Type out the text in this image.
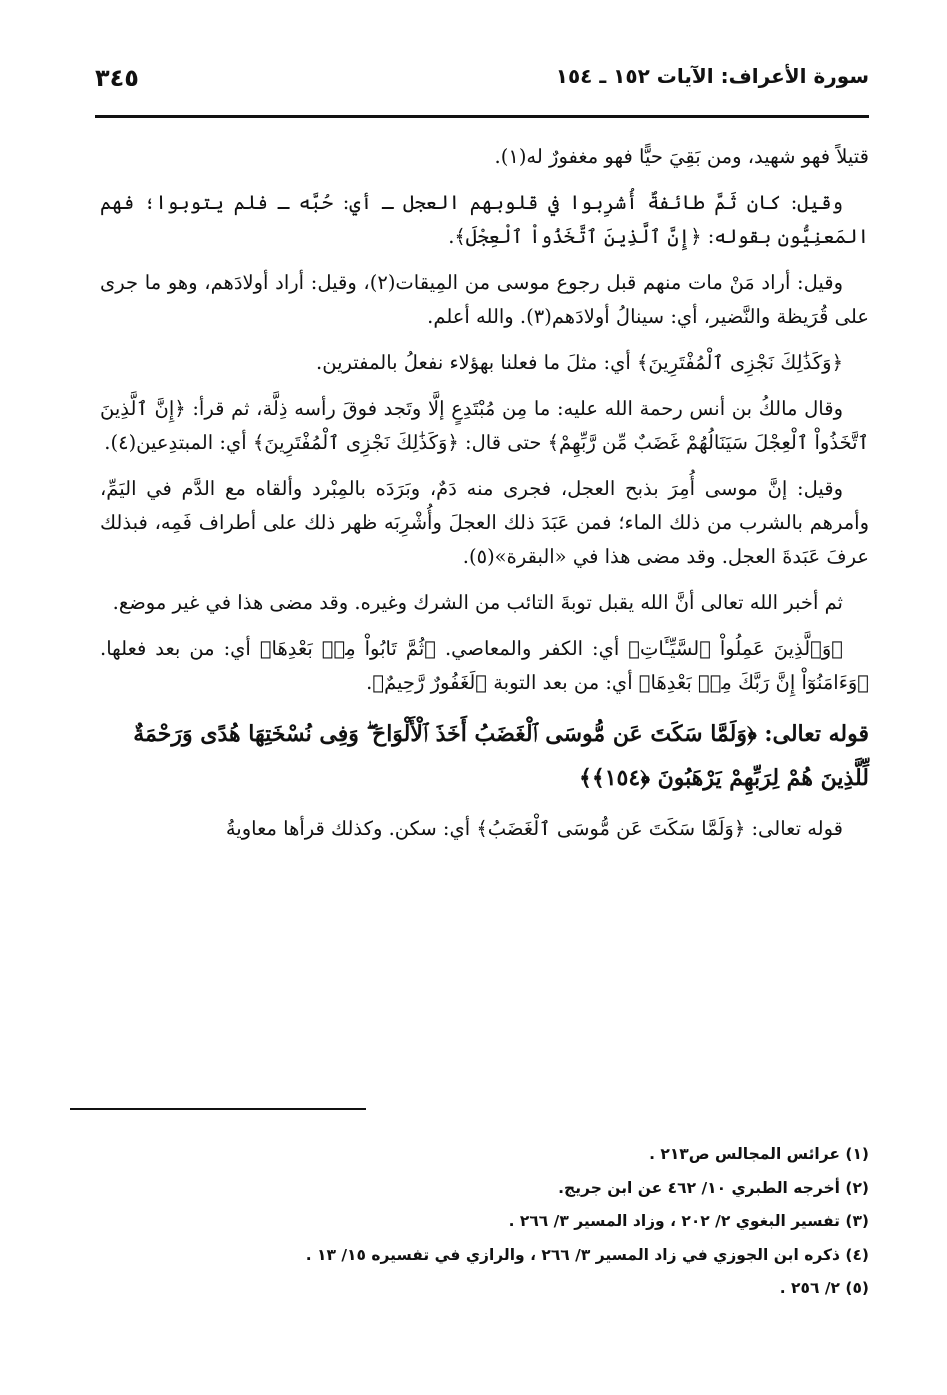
سورة الأعراف: الآيات ١٥٢ ـ ١٥٤
٣٤٥

قتيلاً فهو شهيد، ومن بَقِيَ حيًّا فهو مغفورٌ له(١).

وقيل: كان ثَمَّ طائفةٌ أُشرِبوا في قلوبهم العجل ـ أي: حُبَّه ـ فلم يتوبوا؛ فهم المَعنِيُّون بقوله: ﴿إِنَّ ٱلَّذِينَ ٱتَّخَذُواْ ٱلْعِجْلَ﴾.

وقيل: أراد مَنْ مات منهم قبل رجوع موسى من المِيقات(٢)، وقيل: أراد أولادَهم، وهو ما جرى على قُرَيظة والنَّضير، أي: سينالُ أولادَهم(٣). والله أعلم.

﴿وَكَذَٰلِكَ نَجْزِى ٱلْمُفْتَرِينَ﴾ أي: مثلَ ما فعلنا بهؤلاء نفعلُ بالمفترين.

وقال مالكُ بن أنس رحمة الله عليه: ما مِن مُبْتَدِعٍ إلَّا وتَجد فوقَ رأسه ذِلَّة، ثم قرأ: ﴿إِنَّ ٱلَّذِينَ ٱتَّخَذُواْ ٱلْعِجْلَ سَيَنَالُهُمْ غَضَبٌ مِّن رَّبِّهِمْ﴾ حتى قال: ﴿وَكَذَٰلِكَ نَجْزِى ٱلْمُفْتَرِينَ﴾ أي: المبتدِعين(٤).

وقيل: إنَّ موسى أُمِرَ بذبح العجل، فجرى منه دَمٌ، وبَرَدَه بالمِبْرد وألقاه مع الدَّم في اليَمِّ، وأمرهم بالشرب من ذلك الماء؛ فمن عَبَدَ ذلك العجلَ وأُشْرِبَه ظهر ذلك على أطراف فَمِه، فبذلك عرفَ عَبَدةَ العجل. وقد مضى هذا في «البقرة»(٥).

ثم أخبر الله تعالى أنَّ الله يقبل توبةَ التائب من الشرك وغيره. وقد مضى هذا في غير موضع.

﴿وَٱلَّذِينَ عَمِلُواْ ٱلسَّيِّـَٔاتِ﴾ أي: الكفر والمعاصي. ﴿ثُمَّ تَابُواْ مِنۢ بَعْدِهَا﴾ أي: من بعد فعلها. ﴿وَءَامَنُوٓاْ إِنَّ رَبَّكَ مِنۢ بَعْدِهَا﴾ أي: من بعد التوبة ﴿لَغَفُورٌ رَّحِيمٌ﴾.

قوله تعالى: ﴿وَلَمَّا سَكَتَ عَن مُّوسَى ٱلْغَضَبُ أَخَذَ ٱلْأَلْوَاحَ ۖ وَفِى نُسْخَتِهَا هُدًى وَرَحْمَةٌ لِّلَّذِينَ هُمْ لِرَبِّهِمْ يَرْهَبُونَ ﴿١٥٤﴾﴾

قوله تعالى: ﴿وَلَمَّا سَكَتَ عَن مُّوسَى ٱلْغَضَبُ﴾ أي: سكن. وكذلك قرأها معاويةُ

(١) عرائس المجالس ص٢١٣ .
(٢) أخرجه الطبري ١٠/ ٤٦٢ عن ابن جريج.
(٣) تفسير البغوي ٢/ ٢٠٢ ، وزاد المسير ٣/ ٢٦٦ .
(٤) ذكره ابن الجوزي في زاد المسير ٣/ ٢٦٦ ، والرازي في تفسيره ١٥/ ١٣ .
(٥) ٢/ ٢٥٦ .
